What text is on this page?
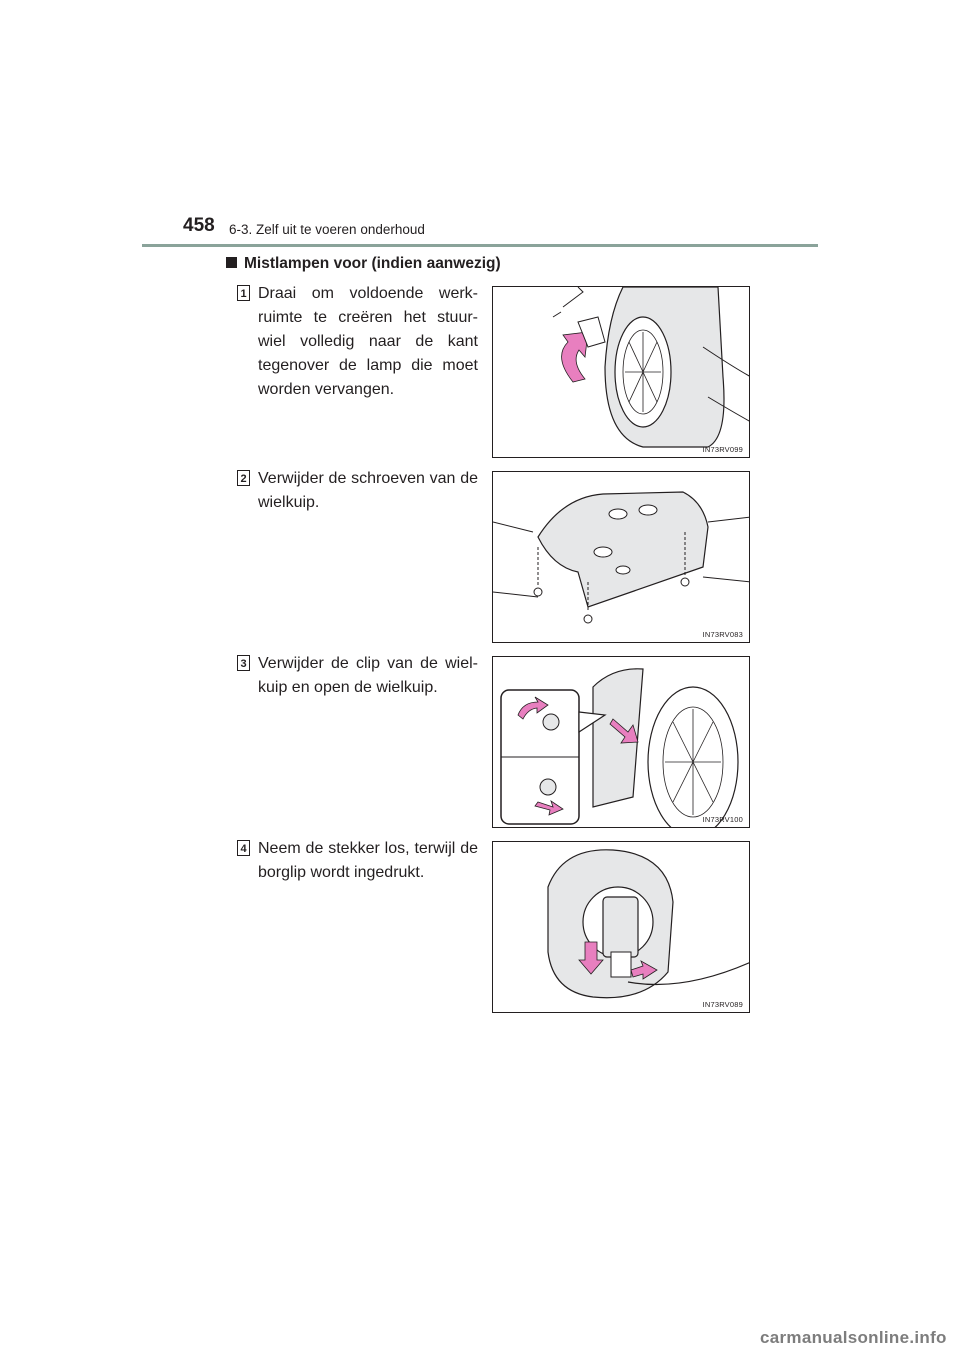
458 6-3. Zelf uit te voeren onderhoud
Mistlampen voor (indien aanwezig)
1 Draai om voldoende werk- ruimte te creëren het stuur- wiel volledig naar de kant tegenover de lamp die moet worden vervangen.
IN73RV099
2 Verwijder de schroeven van de wielkuip.
IN73RV083
3 Verwijder de clip van de wiel- kuip en open de wielkuip.
IN73RV100
4 Neem de stekker los, terwijl de borglip wordt ingedrukt.
IN73RV089
carmanualsonline.info
